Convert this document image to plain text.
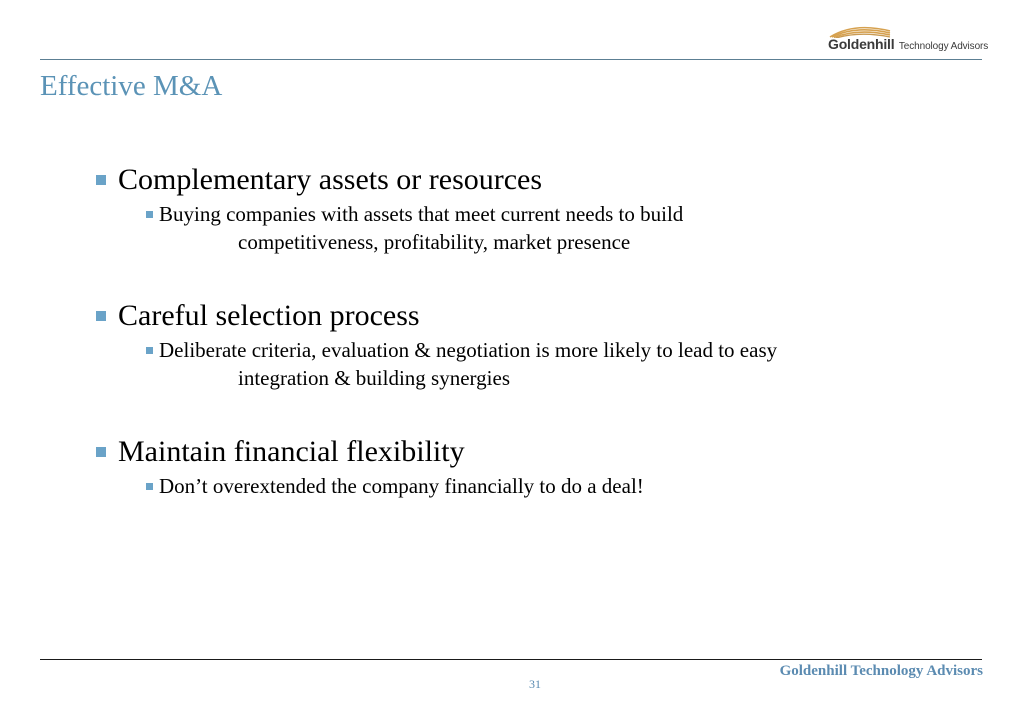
Goldenhill Technology Advisors
Effective M&A
Complementary assets or resources
Buying companies with assets that meet current needs to build
competitiveness, profitability, market presence
Careful selection process
Deliberate criteria, evaluation & negotiation is more likely to lead to easy
integration & building synergies
Maintain financial flexibility
Don’t overextended the company financially to do a deal!
Goldenhill Technology Advisors
31
